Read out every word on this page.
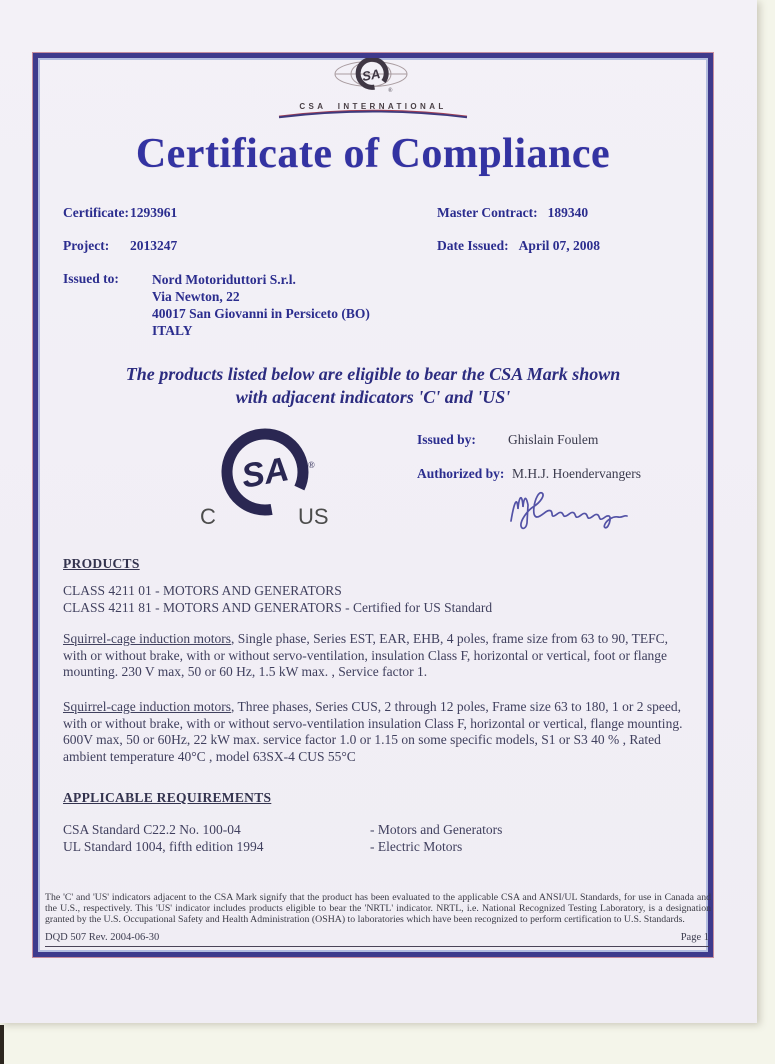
SA
®
CSA INTERNATIONAL
Certificate of Compliance
Certificate: 1293961	Master Contract: 189340
Project: 2013247	Date Issued: April 07, 2008
Issued to: Nord Motoriduttori S.r.l.
Via Newton, 22
40017 San Giovanni in Persiceto (BO)
ITALY
The products listed below are eligible to bear the CSA Mark shown
with adjacent indicators 'C' and 'US'
SA ®
C	US
Issued by: Ghislain Foulem
Authorized by: M.H.J. Hoendervangers
PRODUCTS
CLASS 4211 01 - MOTORS AND GENERATORS
CLASS 4211 81 - MOTORS AND GENERATORS - Certified for US Standard
Squirrel-cage induction motors, Single phase, Series EST, EAR, EHB, 4 poles, frame size from 63 to 90, TEFC, with or without brake, with or without servo-ventilation, insulation Class F, horizontal or vertical, foot or flange mounting. 230 V max, 50 or 60 Hz, 1.5 kW max. , Service factor 1.
Squirrel-cage induction motors, Three phases, Series CUS, 2 through 12 poles, Frame size 63 to 180, 1 or 2 speed, with or without brake, with or without servo-ventilation insulation Class F, horizontal or vertical, flange mounting. 600V max, 50 or 60Hz, 22 kW max. service factor 1.0 or 1.15 on some specific models, S1 or S3 40 % , Rated ambient temperature 40°C , model 63SX-4 CUS 55°C
APPLICABLE REQUIREMENTS
CSA Standard C22.2 No. 100-04	- Motors and Generators
UL Standard 1004, fifth edition 1994	- Electric Motors
The 'C' and 'US' indicators adjacent to the CSA Mark signify that the product has been evaluated to the applicable CSA and ANSI/UL Standards, for use in Canada and the U.S., respectively. This 'US' indicator includes products eligible to bear the 'NRTL' indicator. NRTL, i.e. National Recognized Testing Laboratory, is a designation granted by the U.S. Occupational Safety and Health Administration (OSHA) to laboratories which have been recognized to perform certification to U.S. Standards.
DQD 507 Rev. 2004-06-30	Page 1
